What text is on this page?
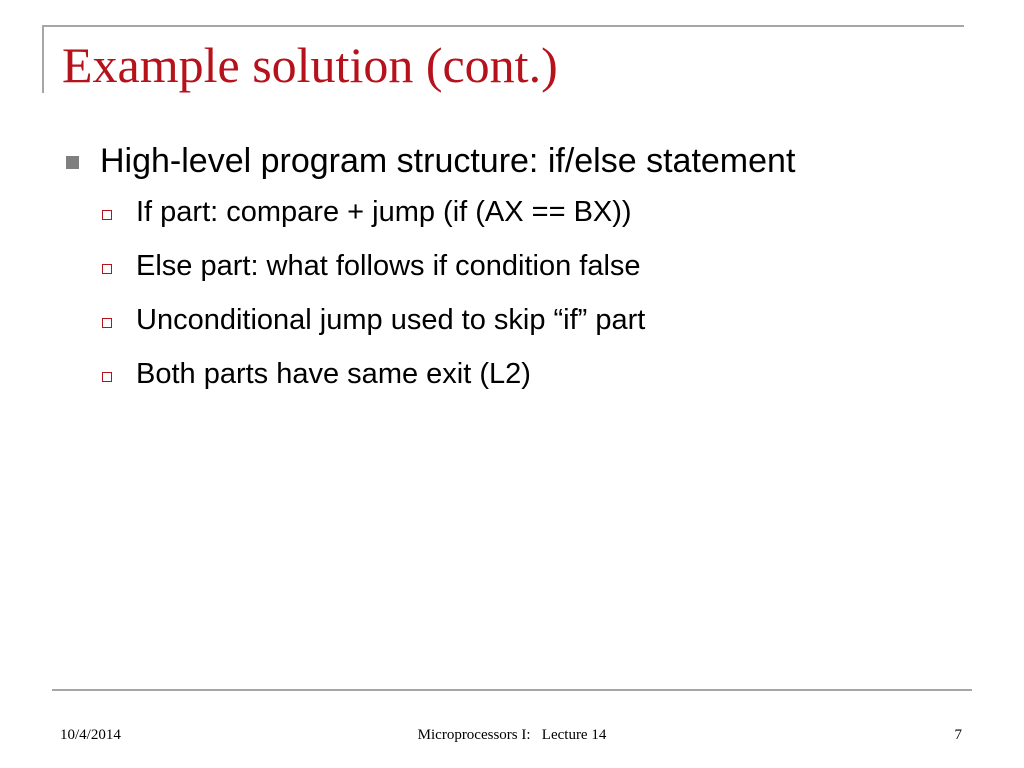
Example solution (cont.)
High-level program structure: if/else statement
If part: compare + jump (if (AX == BX))
Else part: what follows if condition false
Unconditional jump used to skip “if” part
Both parts have same exit (L2)
10/4/2014	Microprocessors I:   Lecture 14	7
